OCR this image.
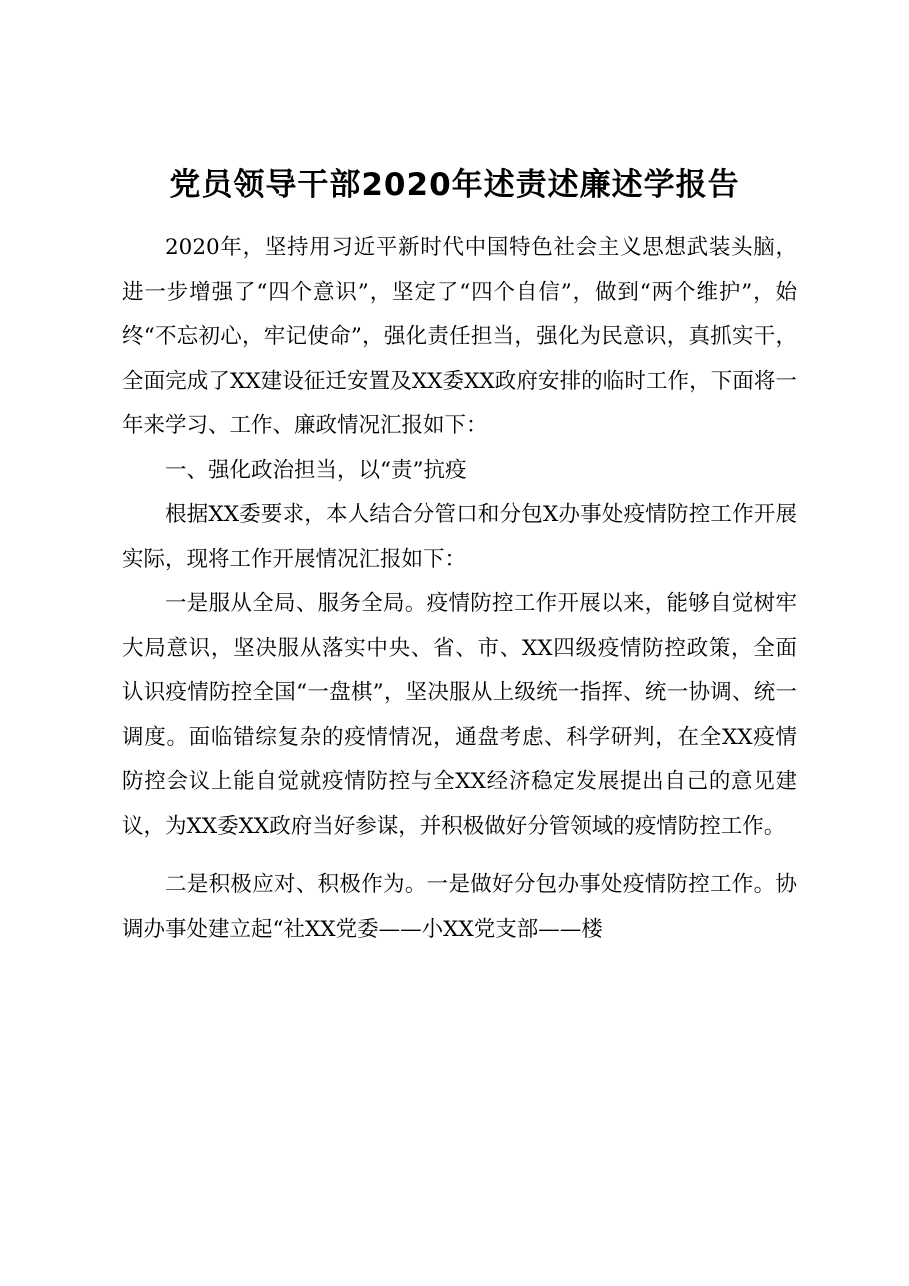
党员领导干部2020年述责述廉述学报告

2020年，坚持用习近平新时代中国特色社会主义思想武装头脑，进一步增强了“四个意识”，坚定了“四个自信”，做到“两个维护”，始终“不忘初心，牢记使命”，强化责任担当，强化为民意识，真抓实干，全面完成了XX建设征迁安置及XX委XX政府安排的临时工作，下面将一年来学习、工作、廉政情况汇报如下：

一、强化政治担当，以“责”抗疫

根据XX委要求，本人结合分管口和分包X办事处疫情防控工作开展实际，现将工作开展情况汇报如下：

一是服从全局、服务全局。疫情防控工作开展以来，能够自觉树牢大局意识，坚决服从落实中央、省、市、XX四级疫情防控政策，全面认识疫情防控全国“一盘棋”，坚决服从上级统一指挥、统一协调、统一调度。面临错综复杂的疫情情况，通盘考虑、科学研判，在全XX疫情防控会议上能自觉就疫情防控与全XX经济稳定发展提出自己的意见建议，为XX委XX政府当好参谋，并积极做好分管领域的疫情防控工作。

二是积极应对、积极作为。一是做好分包办事处疫情防控工作。协调办事处建立起“社XX党委——小XX党支部——楼
